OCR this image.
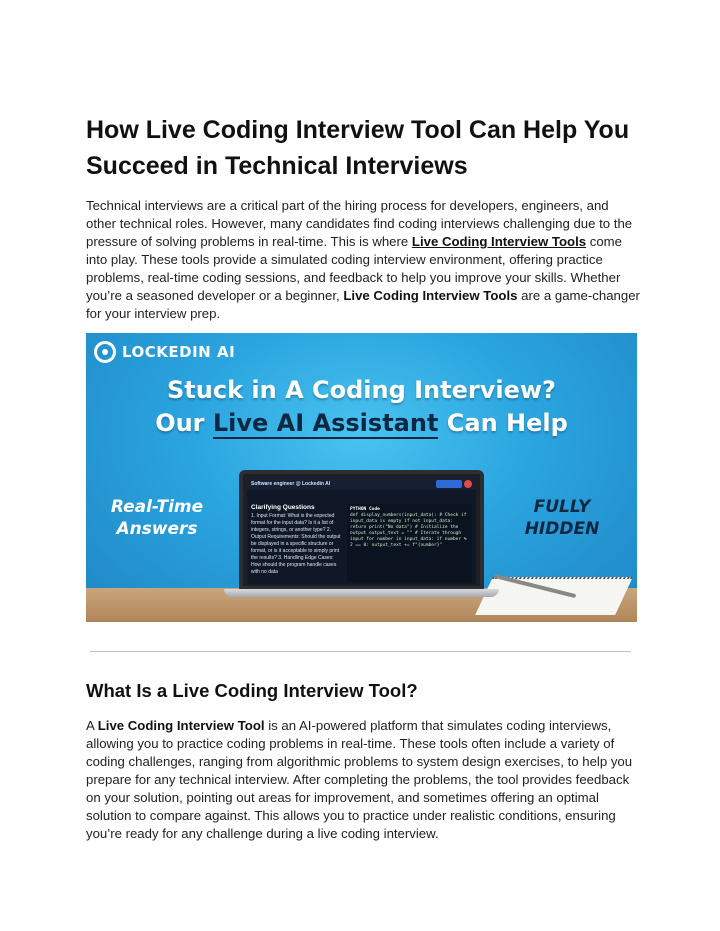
How Live Coding Interview Tool Can Help You Succeed in Technical Interviews

Technical interviews are a critical part of the hiring process for developers, engineers, and other technical roles. However, many candidates find coding interviews challenging due to the pressure of solving problems in real-time. This is where Live Coding Interview Tools come into play. These tools provide a simulated coding interview environment, offering practice problems, real-time coding sessions, and feedback to help you improve your skills. Whether you’re a seasoned developer or a beginner, Live Coding Interview Tools are a game-changer for your interview prep.

LOCKEDIN AI
Stuck in A Coding Interview?
Our Live AI Assistant Can Help
Real-Time Answers
FULLY HIDDEN
Software engineer @ Lockedin AI
Clarifying Questions
1. Input Format: What is the expected format for the input data? Is it a list of integers, strings, or another type? 2. Output Requirements: Should the output be displayed in a specific structure or format, or is it acceptable to simply print the results? 3. Handling Edge Cases: How should the program handle cases with no data
PYTHON Code
def display_numbers(input_data): # Check if input_data is empty if not input_data: return print("No data") # Initialize the output output_text = "" # Iterate through input for number in input_data: if number % 2 == 0: output_text += f"{number}"
What Is a Live Coding Interview Tool?

A Live Coding Interview Tool is an AI-powered platform that simulates coding interviews, allowing you to practice coding problems in real-time. These tools often include a variety of coding challenges, ranging from algorithmic problems to system design exercises, to help you prepare for any technical interview. After completing the problems, the tool provides feedback on your solution, pointing out areas for improvement, and sometimes offering an optimal solution to compare against. This allows you to practice under realistic conditions, ensuring you’re ready for any challenge during a live coding interview.
